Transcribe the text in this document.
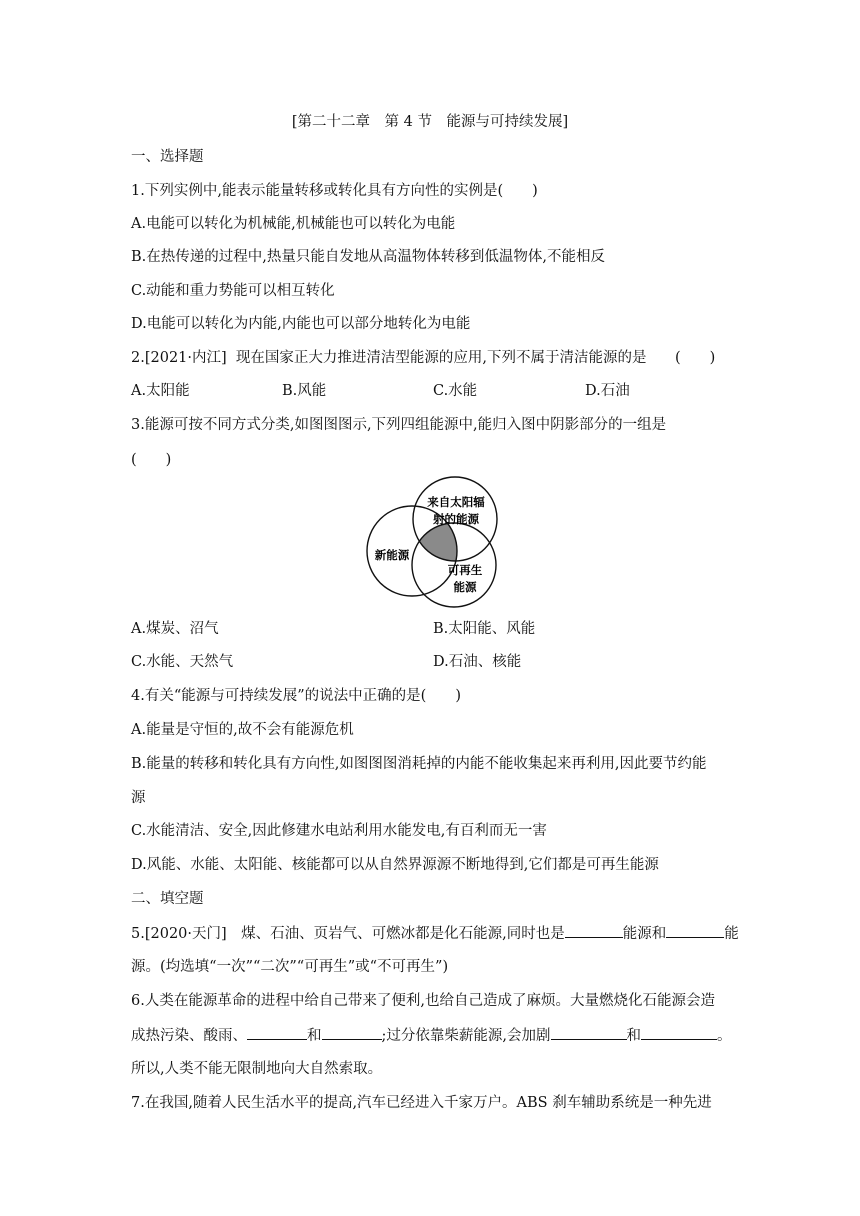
[第二十二章　第 4 节　能源与可持续发展]
一、选择题
1.下列实例中,能表示能量转移或转化具有方向性的实例是(　　)
A.电能可以转化为机械能,机械能也可以转化为电能
B.在热传递的过程中,热量只能自发地从高温物体转移到低温物体,不能相反
C.动能和重力势能可以相互转化
D.电能可以转化为内能,内能也可以部分地转化为电能
2.[2021·内江] 现在国家正大力推进清洁型能源的应用,下列不属于清洁能源的是 (　　)
A.太阳能	B.风能	C.水能	D.石油
3.能源可按不同方式分类,如图图图示,下列四组能源中,能归入图中阴影部分的一组是
(　　)
来自太阳辐
射的能源
新能源
可再生
能源
A.煤炭、沼气	B.太阳能、风能
C.水能、天然气	D.石油、核能
4.有关“能源与可持续发展”的说法中正确的是(　　)
A.能量是守恒的,故不会有能源危机
B.能量的转移和转化具有方向性,如图图图消耗掉的内能不能收集起来再利用,因此要节约能
源
C.水能清洁、安全,因此修建水电站利用水能发电,有百利而无一害
D.风能、水能、太阳能、核能都可以从自然界源源不断地得到,它们都是可再生能源
二、填空题
5.[2020·天门]　煤、石油、页岩气、可燃冰都是化石能源,同时也是	能源和	能
源。(均选填“一次”“二次”“可再生”或“不可再生”)
6.人类在能源革命的进程中给自己带来了便利,也给自己造成了麻烦。大量燃烧化石能源会造
成热污染、酸雨、	和	;过分依靠柴薪能源,会加剧	和	。
所以,人类不能无限制地向大自然索取。
7.在我国,随着人民生活水平的提高,汽车已经进入千家万户。ABS 刹车辅助系统是一种先进
